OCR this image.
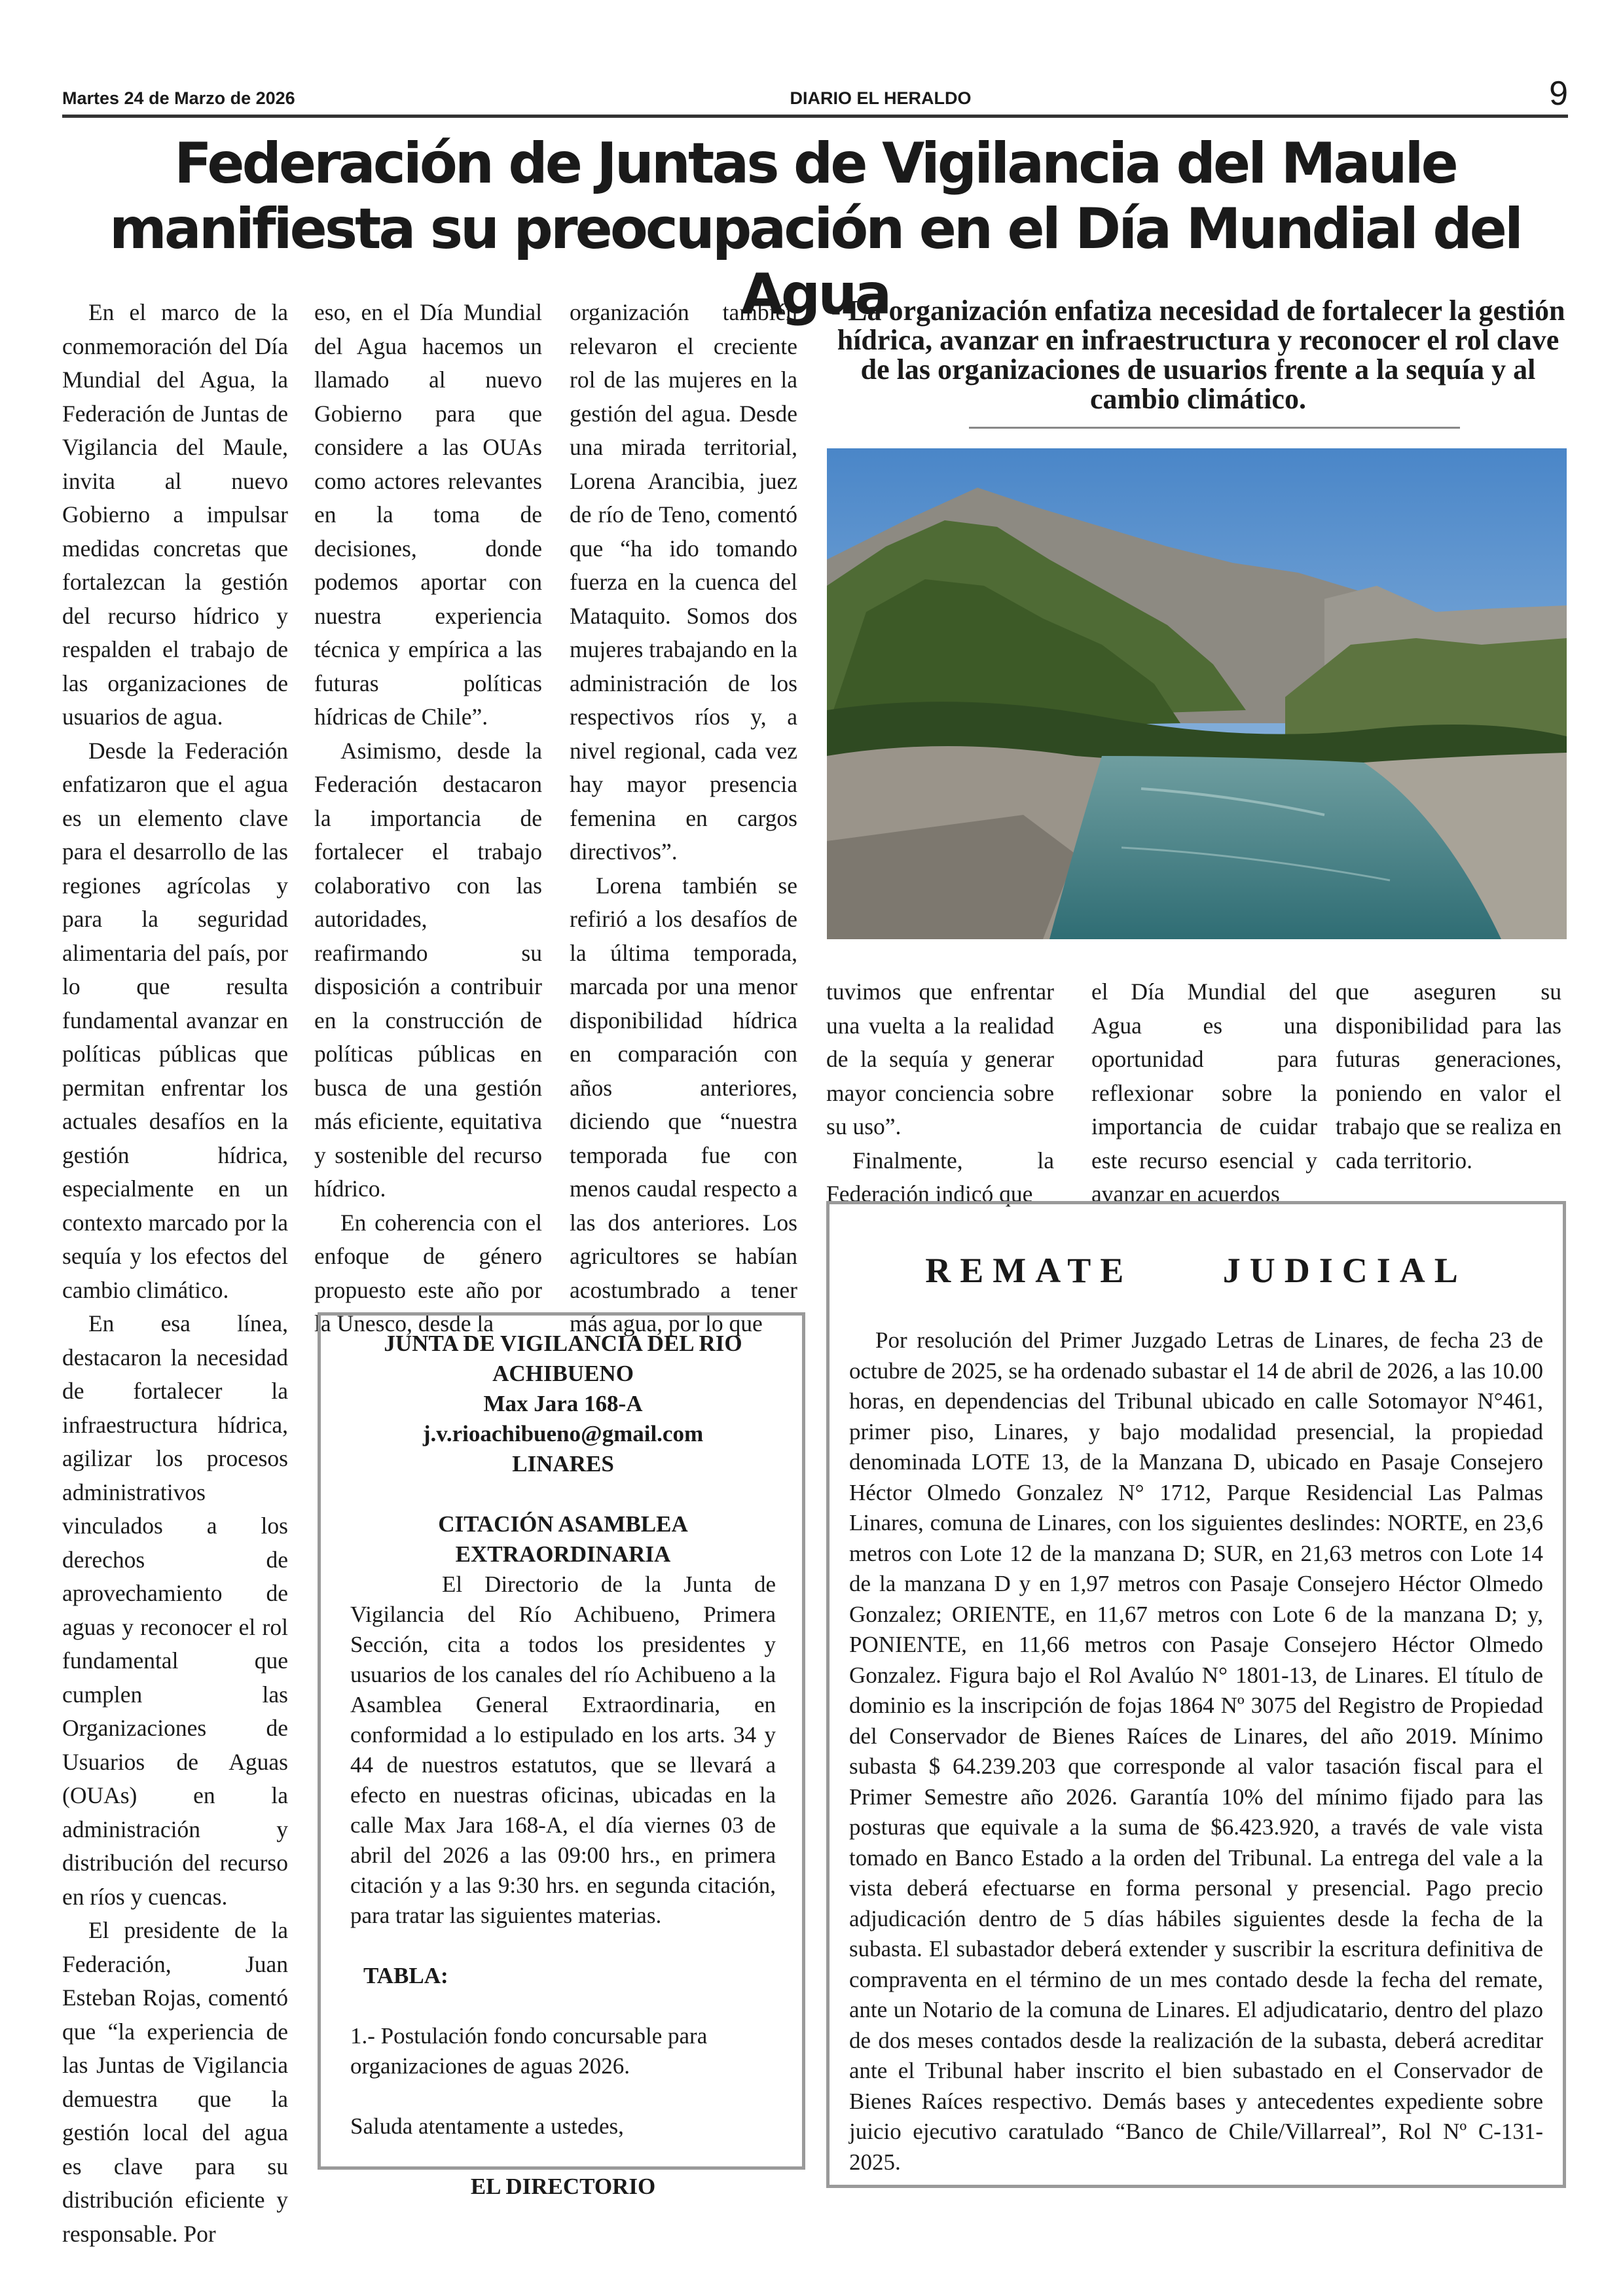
Martes 24 de Marzo de 2026	DIARIO EL HERALDO	9
Federación de Juntas de Vigilancia del Maule
manifiesta su preocupación en el Día Mundial del Agua

En el marco de la conmemoración del Día Mundial del Agua, la Federación de Juntas de Vigilancia del Maule, invita al nuevo Gobierno a impulsar medidas concretas que fortalezcan la gestión del recurso hídrico y respalden el trabajo de las organizaciones de usuarios de agua.

Desde la Federación enfatizaron que el agua es un elemento clave para el desarrollo de las regiones agrícolas y para la seguridad alimentaria del país, por lo que resulta fundamental avanzar en políticas públicas que permitan enfrentar los actuales desafíos en la gestión hídrica, especialmente en un contexto marcado por la sequía y los efectos del cambio climático.

En esa línea, destacaron la necesidad de fortalecer la infraestructura hídrica, agilizar los procesos administrativos vinculados a los derechos de aprovechamiento de aguas y reconocer el rol fundamental que cumplen las Organizaciones de Usuarios de Aguas (OUAs) en la administración y distribución del recurso en ríos y cuencas.

El presidente de la Federación, Juan Esteban Rojas, comentó que “la experiencia de las Juntas de Vigilancia demuestra que la gestión local del agua es clave para su distribución eficiente y responsable. Por

eso, en el Día Mundial del Agua hacemos un llamado al nuevo Gobierno para que considere a las OUAs como actores relevantes en la toma de decisiones, donde podemos aportar con nuestra experiencia técnica y empírica a las futuras políticas hídricas de Chile”.

Asimismo, desde la Federación destacaron la importancia de fortalecer el trabajo colaborativo con las autoridades, reafirmando su disposición a contribuir en la construcción de políticas públicas en busca de una gestión más eficiente, equitativa y sostenible del recurso hídrico.

En coherencia con el enfoque de género propuesto este año por la Unesco, desde la

organización también relevaron el creciente rol de las mujeres en la gestión del agua. Desde una mirada territorial, Lorena Arancibia, juez de río de Teno, comentó que “ha ido tomando fuerza en la cuenca del Mataquito. Somos dos mujeres trabajando en la administración de los respectivos ríos y, a nivel regional, cada vez hay mayor presencia femenina en cargos directivos”.

Lorena también se refirió a los desafíos de la última temporada, marcada por una menor disponibilidad hídrica en comparación con años anteriores, diciendo que “nuestra temporada fue con menos caudal respecto a las dos anteriores. Los agricultores se habían acostumbrado a tener más agua, por lo que

- La organización enfatiza necesidad de fortalecer la gestión hídrica, avanzar en infraestructura y reconocer el rol clave de las organizaciones de usuarios frente a la sequía y al cambio climático.

tuvimos que enfrentar una vuelta a la realidad de la sequía y generar mayor conciencia sobre su uso”.

Finalmente, la Federación indicó que

el Día Mundial del Agua es una oportunidad para reflexionar sobre la importancia de cuidar este recurso esencial y avanzar en acuerdos

que aseguren su disponibilidad para las futuras generaciones, poniendo en valor el trabajo que se realiza en cada territorio.

JUNTA DE VIGILANCIA DEL RIO
ACHIBUENO
Max Jara 168-A
j.v.rioachibueno@gmail.com
LINARES
CITACIÓN ASAMBLEA
EXTRAORDINARIA
El Directorio de la Junta de Vigilancia del Río Achibueno, Primera Sección, cita a todos los presidentes y usuarios de los canales del río Achibueno a la Asamblea General Extraordinaria, en conformidad a lo estipulado en los arts. 34 y 44 de nuestros estatutos, que se llevará a efecto en nuestras oficinas, ubicadas en la calle Max Jara 168-A, el día viernes 03 de abril del 2026 a las 09:00 hrs., en primera citación y a las 9:30 hrs. en segunda citación, para tratar las siguientes materias.
TABLA:
1.- Postulación fondo concursable para organizaciones de aguas 2026.
Saluda atentamente a ustedes,
EL DIRECTORIO
REMATE	JUDICIAL
Por resolución del Primer Juzgado Letras de Linares, de fecha 23 de octubre de 2025, se ha ordenado subastar el 14 de abril de 2026, a las 10.00 horas, en dependencias del Tribunal ubicado en calle Sotomayor N°461, primer piso, Linares, y bajo modalidad presencial, la propiedad denominada LOTE 13, de la Manzana D, ubicado en Pasaje Consejero Héctor Olmedo Gonzalez N° 1712, Parque Residencial Las Palmas Linares, comuna de Linares, con los siguientes deslindes: NORTE, en 23,6 metros con Lote 12 de la manzana D; SUR, en 21,63 metros con Lote 14 de la manzana D y en 1,97 metros con Pasaje Consejero Héctor Olmedo Gonzalez; ORIENTE, en 11,67 metros con Lote 6 de la manzana D; y, PONIENTE, en 11,66 metros con Pasaje Consejero Héctor Olmedo Gonzalez. Figura bajo el Rol Avalúo N° 1801-13, de Linares. El título de dominio es la inscripción de fojas 1864 Nº 3075 del Registro de Propiedad del Conservador de Bienes Raíces de Linares, del año 2019. Mínimo subasta $ 64.239.203 que corresponde al valor tasación fiscal para el Primer Semestre año 2026. Garantía 10% del mínimo fijado para las posturas que equivale a la suma de $6.423.920, a través de vale vista tomado en Banco Estado a la orden del Tribunal. La entrega del vale a la vista deberá efectuarse en forma personal y presencial. Pago precio adjudicación dentro de 5 días hábiles siguientes desde la fecha de la subasta. El subastador deberá extender y suscribir la escritura definitiva de compraventa en el término de un mes contado desde la fecha del remate, ante un Notario de la comuna de Linares. El adjudicatario, dentro del plazo de dos meses contados desde la realización de la subasta, deberá acreditar ante el Tribunal haber inscrito el bien subastado en el Conservador de Bienes Raíces respectivo. Demás bases y antecedentes expediente sobre juicio ejecutivo caratulado “Banco de Chile/Villarreal”, Rol Nº C-131-2025.
